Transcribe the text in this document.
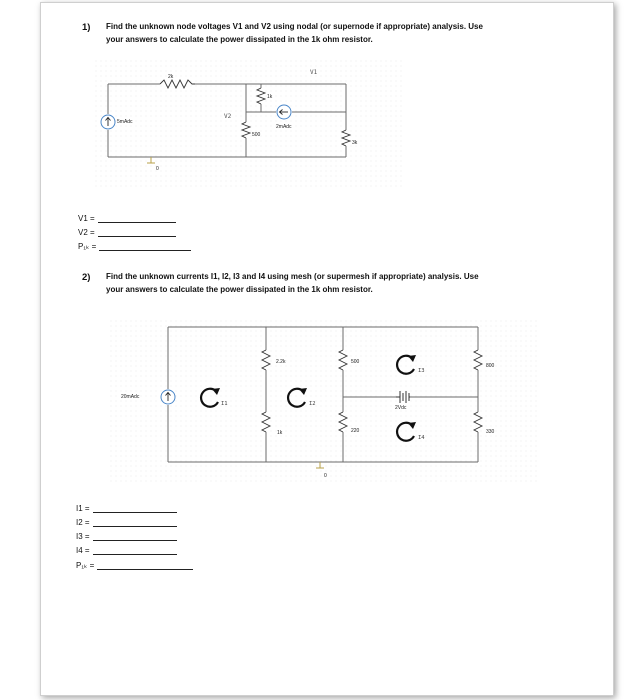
1) Find the unknown node voltages V1 and V2 using nodal (or supernode if appropriate) analysis. Use
your answers to calculate the power dissipated in the 1k ohm resistor.
2k
1k
500
3k
5mAdc
2mAdc
0
V1
V2
20mAdc
2.2k
1k
500
220
800
330
2Vdc
0
I1	I2
I3
I4
V1 =
V2 =
P₁ₖ =
2) Find the unknown currents I1, I2, I3 and I4 using mesh (or supermesh if appropriate) analysis. Use
your answers to calculate the power dissipated in the 1k ohm resistor.
I1 =
I2 =
I3 =
I4 =
P₁ₖ =
